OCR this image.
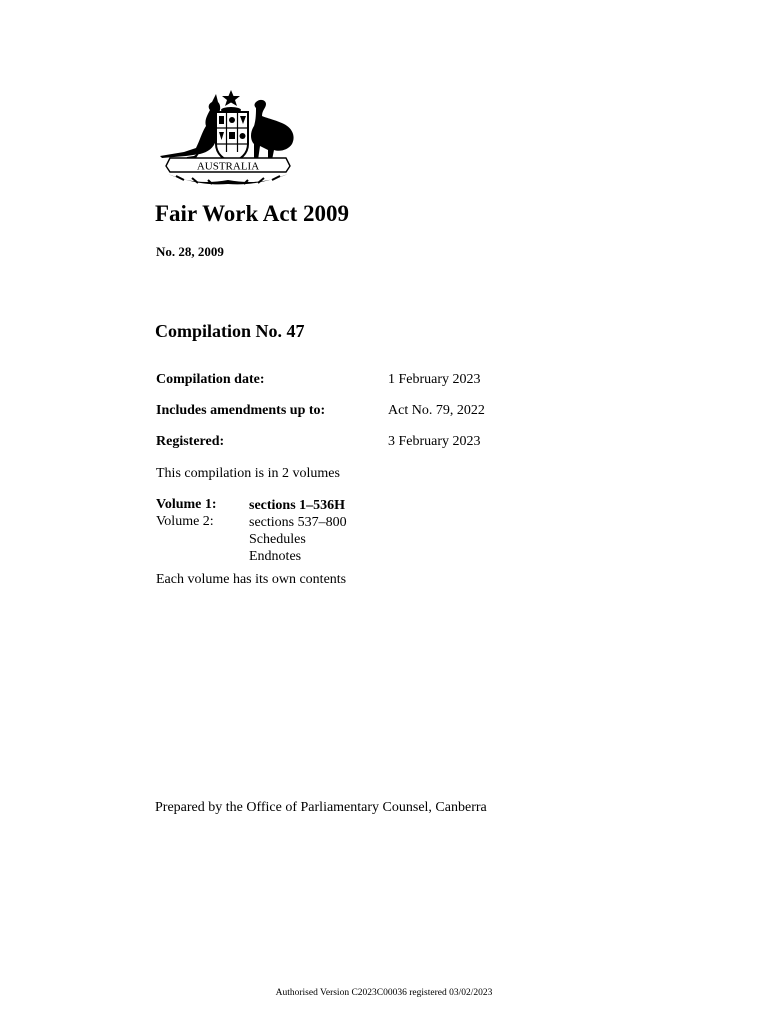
AUSTRALIA
Fair Work Act 2009
No. 28, 2009
Compilation No. 47
Compilation date:	1 February 2023
Includes amendments up to:	Act No. 79, 2022
Registered:	3 February 2023
This compilation is in 2 volumes
Volume 1: sections 1–536H
Volume 2:	sections 537–800
Schedules
Endnotes
Each volume has its own contents
Prepared by the Office of Parliamentary Counsel, Canberra
Authorised Version C2023C00036 registered 03/02/2023
